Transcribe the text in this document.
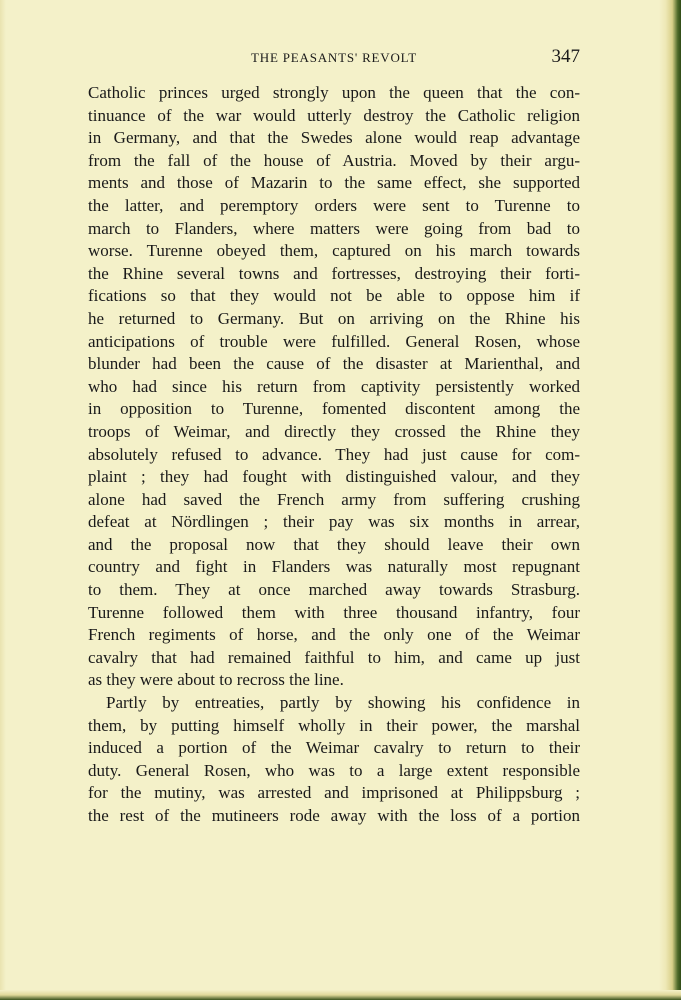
THE PEASANTS' REVOLT	347
Catholic princes urged strongly upon the queen that the con-
tinuance of the war would utterly destroy the Catholic religion
in Germany, and that the Swedes alone would reap advantage
from the fall of the house of Austria. Moved by their argu-
ments and those of Mazarin to the same effect, she supported
the latter, and peremptory orders were sent to Turenne to
march to Flanders, where matters were going from bad to
worse. Turenne obeyed them, captured on his march towards
the Rhine several towns and fortresses, destroying their forti-
fications so that they would not be able to oppose him if
he returned to Germany. But on arriving on the Rhine his
anticipations of trouble were fulfilled. General Rosen, whose
blunder had been the cause of the disaster at Marienthal, and
who had since his return from captivity persistently worked
in opposition to Turenne, fomented discontent among the
troops of Weimar, and directly they crossed the Rhine they
absolutely refused to advance. They had just cause for com-
plaint ; they had fought with distinguished valour, and they
alone had saved the French army from suffering crushing
defeat at Nördlingen ; their pay was six months in arrear,
and the proposal now that they should leave their own
country and fight in Flanders was naturally most repugnant
to them. They at once marched away towards Strasburg.
Turenne followed them with three thousand infantry, four
French regiments of horse, and the only one of the Weimar
cavalry that had remained faithful to him, and came up just
as they were about to recross the line.
Partly by entreaties, partly by showing his confidence in
them, by putting himself wholly in their power, the marshal
induced a portion of the Weimar cavalry to return to their
duty. General Rosen, who was to a large extent responsible
for the mutiny, was arrested and imprisoned at Philippsburg ;
the rest of the mutineers rode away with the loss of a portion
